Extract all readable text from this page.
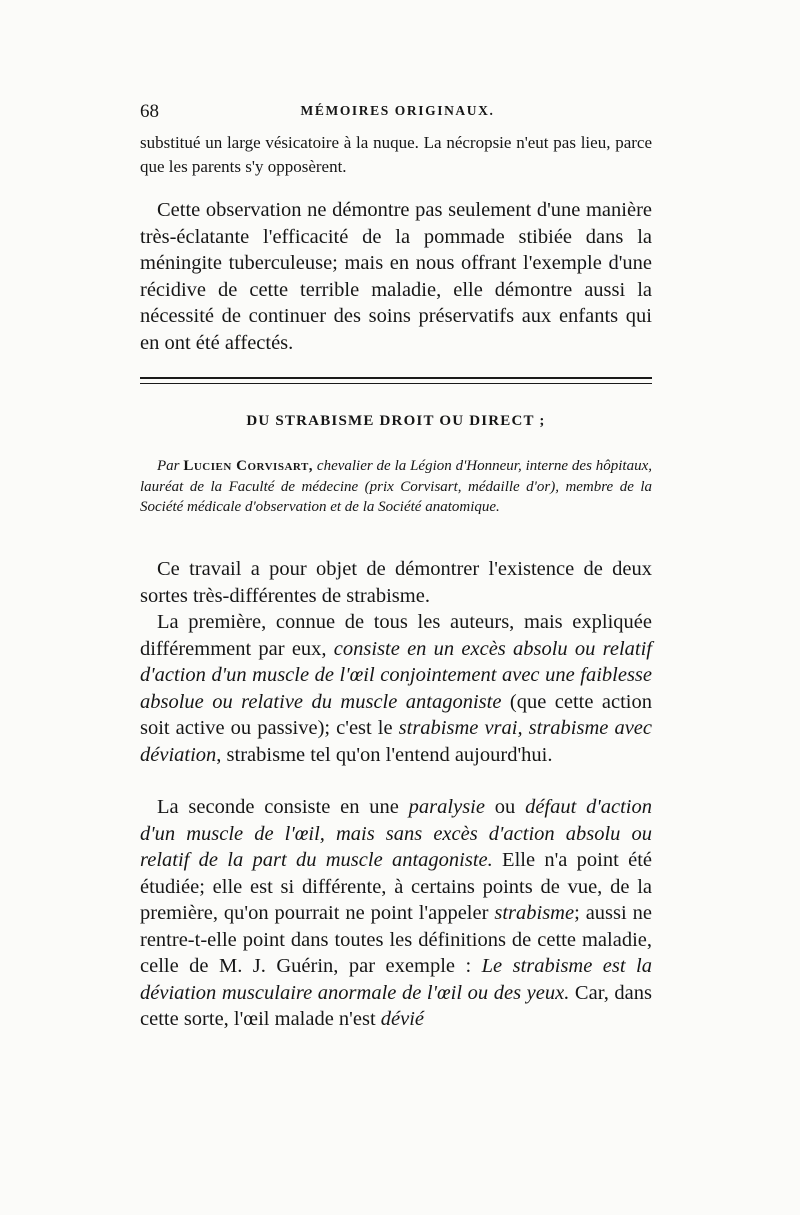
68	MÉMOIRES ORIGINAUX.
substitué un large vésicatoire à la nuque. La nécropsie n'eut pas lieu, parce que les parents s'y opposèrent.
Cette observation ne démontre pas seulement d'une manière très-éclatante l'efficacité de la pommade stibiée dans la méningite tuberculeuse; mais en nous offrant l'exemple d'une récidive de cette terrible maladie, elle démontre aussi la nécessité de continuer des soins préservatifs aux enfants qui en ont été affectés.
DU STRABISME DROIT OU DIRECT ;
Par Lucien Corvisart, chevalier de la Légion d'Honneur, interne des hôpitaux, lauréat de la Faculté de médecine (prix Corvisart, médaille d'or), membre de la Société médicale d'observation et de la Société anatomique.
Ce travail a pour objet de démontrer l'existence de deux sortes très-différentes de strabisme.
La première, connue de tous les auteurs, mais expliquée différemment par eux, consiste en un excès absolu ou relatif d'action d'un muscle de l'œil conjointement avec une faiblesse absolue ou relative du muscle antagoniste (que cette action soit active ou passive); c'est le strabisme vrai, strabisme avec déviation, strabisme tel qu'on l'entend aujourd'hui.
La seconde consiste en une paralysie ou défaut d'action d'un muscle de l'œil, mais sans excès d'action absolu ou relatif de la part du muscle antagoniste. Elle n'a point été étudiée; elle est si différente, à certains points de vue, de la première, qu'on pourrait ne point l'appeler strabisme; aussi ne rentre-t-elle point dans toutes les définitions de cette maladie, celle de M. J. Guérin, par exemple : Le strabisme est la déviation musculaire anormale de l'œil ou des yeux. Car, dans cette sorte, l'œil malade n'est dévié
